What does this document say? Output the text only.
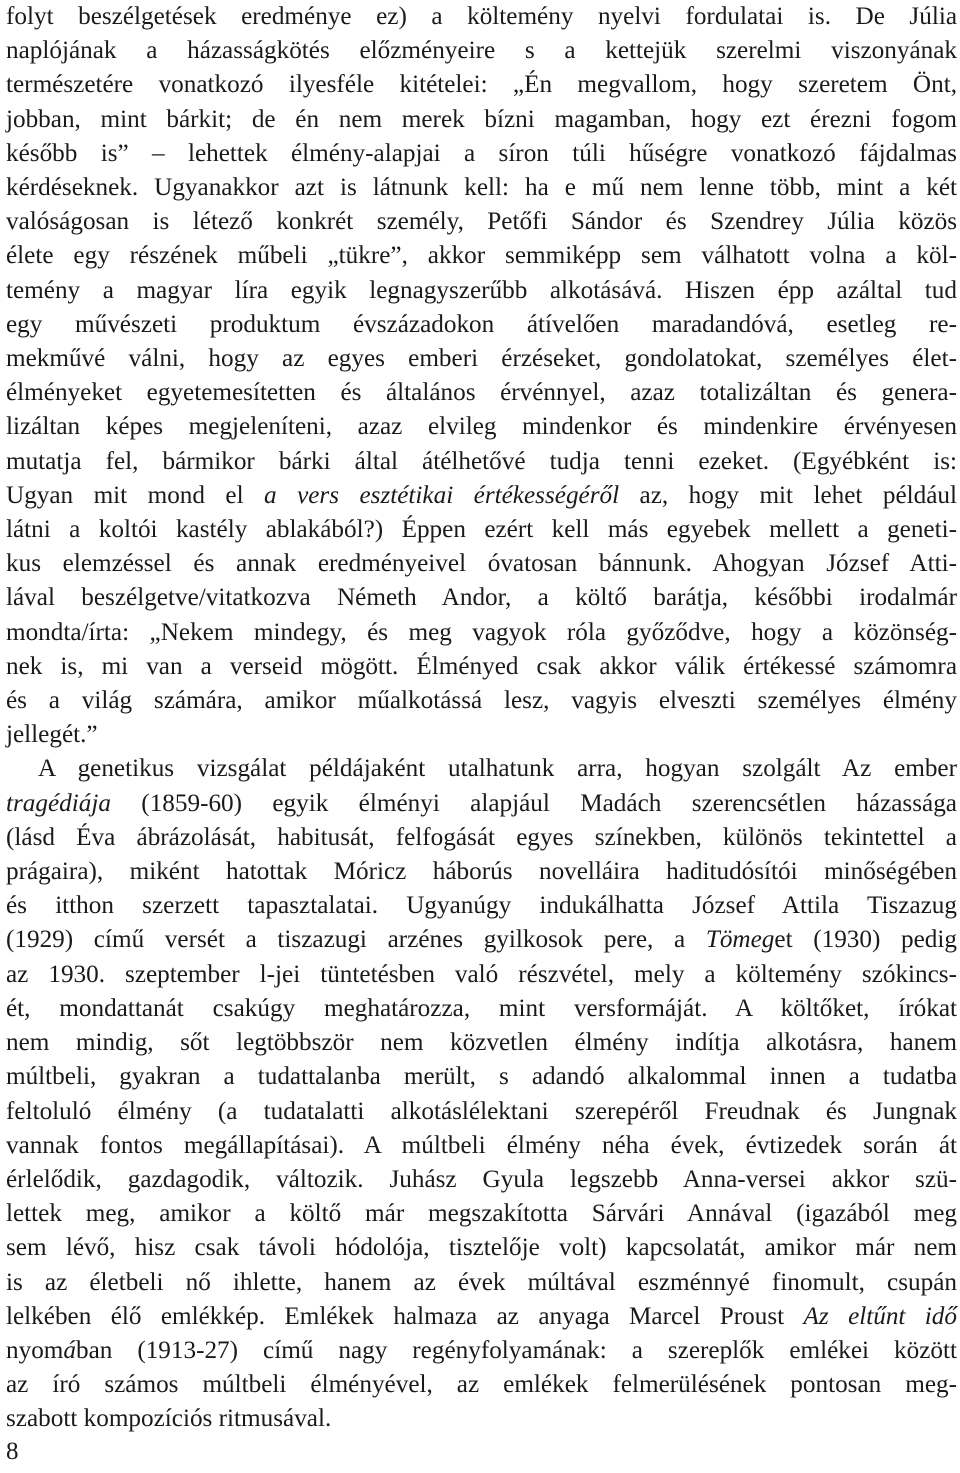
folyt beszélgetések eredménye ez) a költemény nyelvi fordulatai is. De Júlia
naplójának a házasságkötés előzményeire s a kettejük szerelmi viszonyának
természetére vonatkozó ilyesféle kitételei: „Én megvallom, hogy szeretem Önt,
jobban, mint bárkit; de én nem merek bízni magamban, hogy ezt érezni fogom
később is” – lehettek élmény-alapjai a síron túli hűségre vonatkozó fájdalmas
kérdéseknek. Ugyanakkor azt is látnunk kell: ha e mű nem lenne több, mint a két
valóságosan is létező konkrét személy, Petőfi Sándor és Szendrey Júlia közös
élete egy részének műbeli „tükre”, akkor semmiképp sem válhatott volna a köl-
temény a magyar líra egyik legnagyszerűbb alkotásává. Hiszen épp azáltal tud
egy művészeti produktum évszázadokon átívelően maradandóvá, esetleg re-
mekművé válni, hogy az egyes emberi érzéseket, gondolatokat, személyes élet-
élményeket egyetemesítetten és általános érvénnyel, azaz totalizáltan és genera-
lizáltan képes megjeleníteni, azaz elvileg mindenkor és mindenkire érvényesen
mutatja fel, bármikor bárki által átélhetővé tudja tenni ezeket. (Egyébként is:
Ugyan mit mond el a vers esztétikai értékességéről az, hogy mit lehet például
látni a koltói kastély ablakából?) Éppen ezért kell más egyebek mellett a geneti-
kus elemzéssel és annak eredményeivel óvatosan bánnunk. Ahogyan József Atti-
lával beszélgetve/vitatkozva Németh Andor, a költő barátja, későbbi irodalmár
mondta/írta: „Nekem mindegy, és meg vagyok róla győződve, hogy a közönség-
nek is, mi van a verseid mögött. Élményed csak akkor válik értékessé számomra
és a világ számára, amikor műalkotássá lesz, vagyis elveszti személyes élmény
jellegét.”

A genetikus vizsgálat példájaként utalhatunk arra, hogyan szolgált Az ember
tragédiája (1859-60) egyik élményi alapjául Madách szerencsétlen házassága
(lásd Éva ábrázolását, habitusát, felfogását egyes színekben, különös tekintettel a
prágaira), miként hatottak Móricz háborús novelláira haditudósítói minőségében
és itthon szerzett tapasztalatai. Ugyanúgy indukálhatta József Attila Tiszazug
(1929) című versét a tiszazugi arzénes gyilkosok pere, a Tömeget (1930) pedig
az 1930. szeptember l-jei tüntetésben való részvétel, mely a költemény szókincs-
ét, mondattanát csakúgy meghatározza, mint versformáját. A költőket, írókat
nem mindig, sőt legtöbbször nem közvetlen élmény indítja alkotásra, hanem
múltbeli, gyakran a tudattalanba merült, s adandó alkalommal innen a tudatba
feltoluló élmény (a tudatalatti alkotáslélektani szerepéről Freudnak és Jungnak
vannak fontos megállapításai). A múltbeli élmény néha évek, évtizedek során át
érlelődik, gazdagodik, változik. Juhász Gyula legszebb Anna-versei akkor szü-
lettek meg, amikor a költő már megszakította Sárvári Annával (igazából meg
sem lévő, hisz csak távoli hódolója, tisztelője volt) kapcsolatát, amikor már nem
is az életbeli nő ihlette, hanem az évek múltával eszménnyé finomult, csupán
lelkében élő emlékkép. Emlékek halmaza az anyaga Marcel Proust Az eltűnt idő
nyomában (1913-27) című nagy regényfolyamának: a szereplők emlékei között
az író számos múltbeli élményével, az emlékek felmerülésének pontosan meg-
szabott kompozíciós ritmusával.

8
